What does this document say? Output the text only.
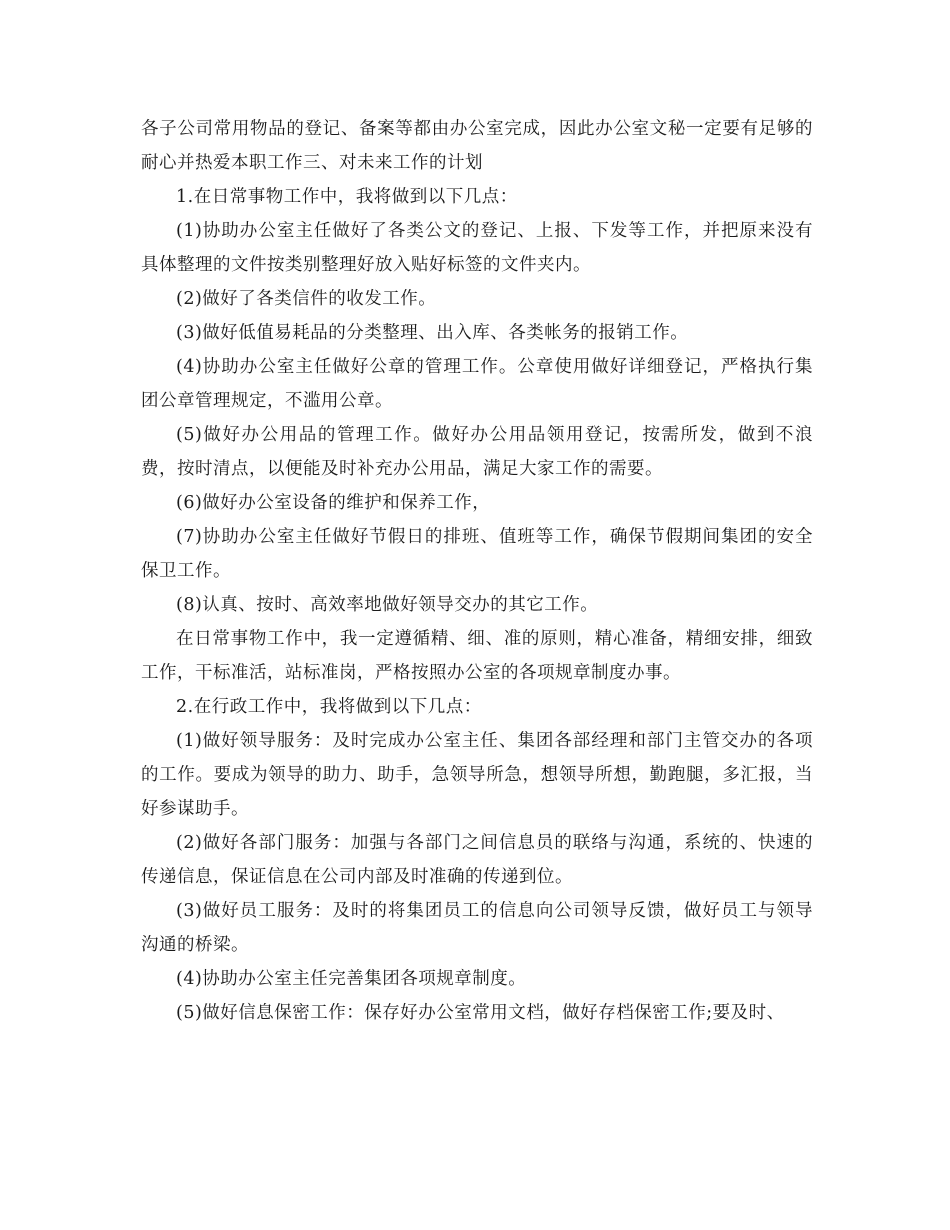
各子公司常用物品的登记、备案等都由办公室完成，因此办公室文秘一定要有足够的耐心并热爱本职工作三、对未来工作的计划

1.在日常事物工作中，我将做到以下几点：

(1)协助办公室主任做好了各类公文的登记、上报、下发等工作，并把原来没有具体整理的文件按类别整理好放入贴好标签的文件夹内。

(2)做好了各类信件的收发工作。

(3)做好低值易耗品的分类整理、出入库、各类帐务的报销工作。

(4)协助办公室主任做好公章的管理工作。公章使用做好详细登记，严格执行集团公章管理规定，不滥用公章。

(5)做好办公用品的管理工作。做好办公用品领用登记，按需所发，做到不浪费，按时清点，以便能及时补充办公用品，满足大家工作的需要。

(6)做好办公室设备的维护和保养工作，

(7)协助办公室主任做好节假日的排班、值班等工作，确保节假期间集团的安全保卫工作。

(8)认真、按时、高效率地做好领导交办的其它工作。

在日常事物工作中，我一定遵循精、细、准的原则，精心准备，精细安排，细致工作，干标准活，站标准岗，严格按照办公室的各项规章制度办事。

2.在行政工作中，我将做到以下几点：

(1)做好领导服务：及时完成办公室主任、集团各部经理和部门主管交办的各项的工作。要成为领导的助力、助手，急领导所急，想领导所想，勤跑腿，多汇报，当好参谋助手。

(2)做好各部门服务：加强与各部门之间信息员的联络与沟通，系统的、快速的传递信息，保证信息在公司内部及时准确的传递到位。

(3)做好员工服务：及时的将集团员工的信息向公司领导反馈，做好员工与领导沟通的桥梁。

(4)协助办公室主任完善集团各项规章制度。

(5)做好信息保密工作：保存好办公室常用文档，做好存档保密工作;要及时、
